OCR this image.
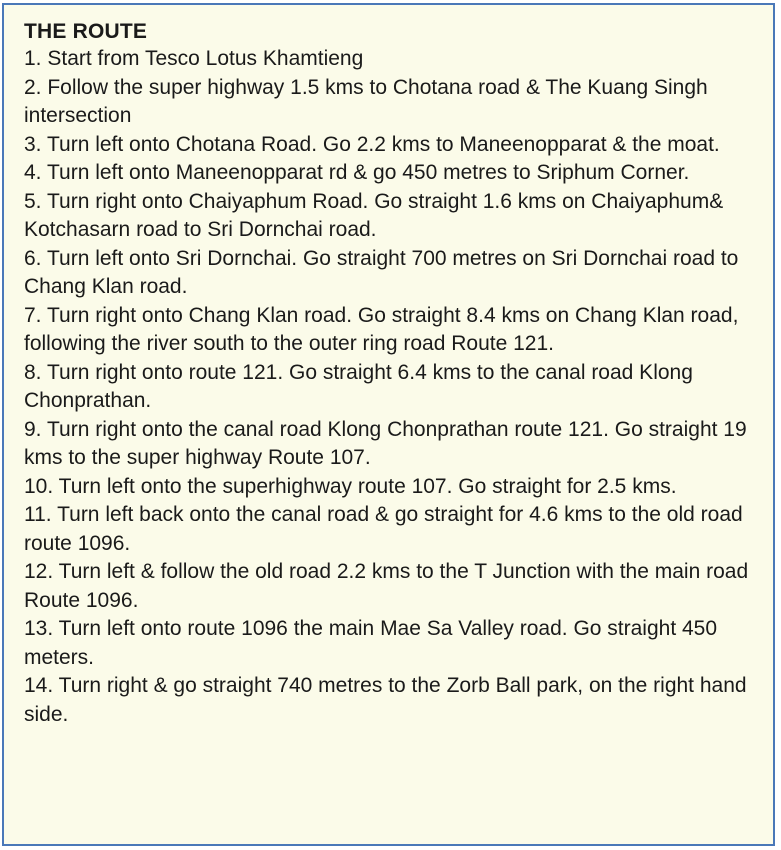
THE ROUTE
1. Start from Tesco Lotus Khamtieng
2. Follow the super highway 1.5 kms to Chotana road & The Kuang Singh intersection
3. Turn left onto Chotana Road. Go 2.2 kms to Maneenopparat & the moat.
4. Turn left onto Maneenopparat rd & go 450 metres to Sriphum Corner.
5. Turn right onto Chaiyaphum Road. Go straight 1.6 kms on Chaiyaphum& Kotchasarn road to Sri Dornchai road.
6. Turn left onto Sri Dornchai. Go straight 700 metres on Sri Dornchai road to Chang Klan road.
7. Turn right onto Chang Klan road. Go straight 8.4 kms on Chang Klan road, following the river south to the outer ring road Route 121.
8. Turn right onto route 121. Go straight 6.4 kms to the canal road Klong Chonprathan.
9. Turn right onto the canal road Klong Chonprathan route 121. Go straight 19 kms to the super highway Route 107.
10. Turn left onto the superhighway route 107. Go straight for 2.5 kms.
11. Turn left back onto the canal road & go straight for 4.6 kms to the old road route 1096.
12. Turn left & follow the old road 2.2 kms to the T Junction with the main road Route 1096.
13. Turn left onto route 1096 the main Mae Sa Valley road. Go straight 450 meters.
14. Turn right & go straight 740 metres to the Zorb Ball park, on the right hand side.
